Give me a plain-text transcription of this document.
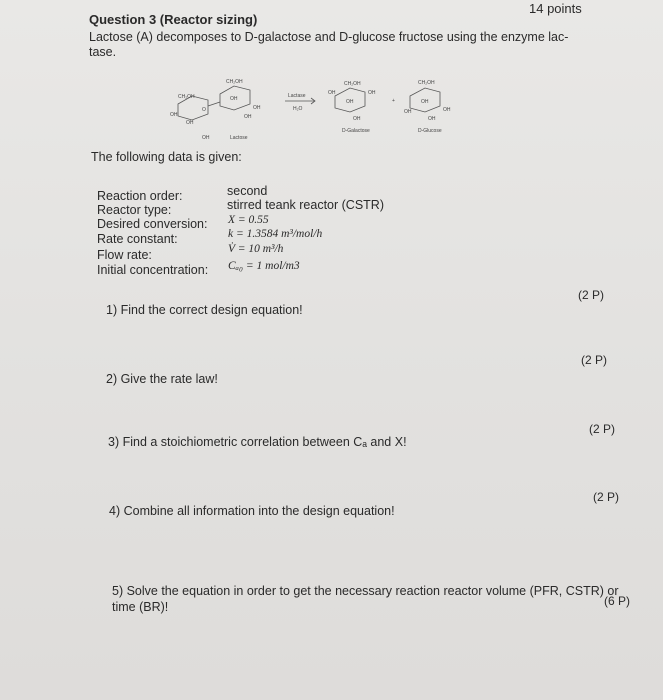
14 points
Question 3 (Reactor sizing)
Lactose (A) decomposes to D-galactose and D-glucose fructose using the enzyme lac- tase.
CH₂OH
CH₂OH
OH
OH
OH
OH
OH
OH
O
Lactose
Lactase
H₂O
CH₂OH
OH
OH
OH
OH
D-Galactose
+
CH₂OH
OH
OH	OH
OH
D-Glucose
The following data is given:
Reaction order:	second
Reactor type:	stirred teank reactor (CSTR)
Desired conversion: X = 0.55
Rate constant:	k = 1.3584 m³/mol/h
Flow rate:	V̇ = 10 m³/h
Initial concentration: Cₐ₀ = 1 mol/m3
1) Find the correct design equation!
(2 P)
2) Give the rate law!
(2 P)
3) Find a stoichiometric correlation between Cₐ and X!
(2 P)
4) Combine all information into the design equation!
(2 P)
5) Solve the equation in order to get the necessary reaction reactor volume (PFR, CSTR) or time (BR)!	(6 P)
